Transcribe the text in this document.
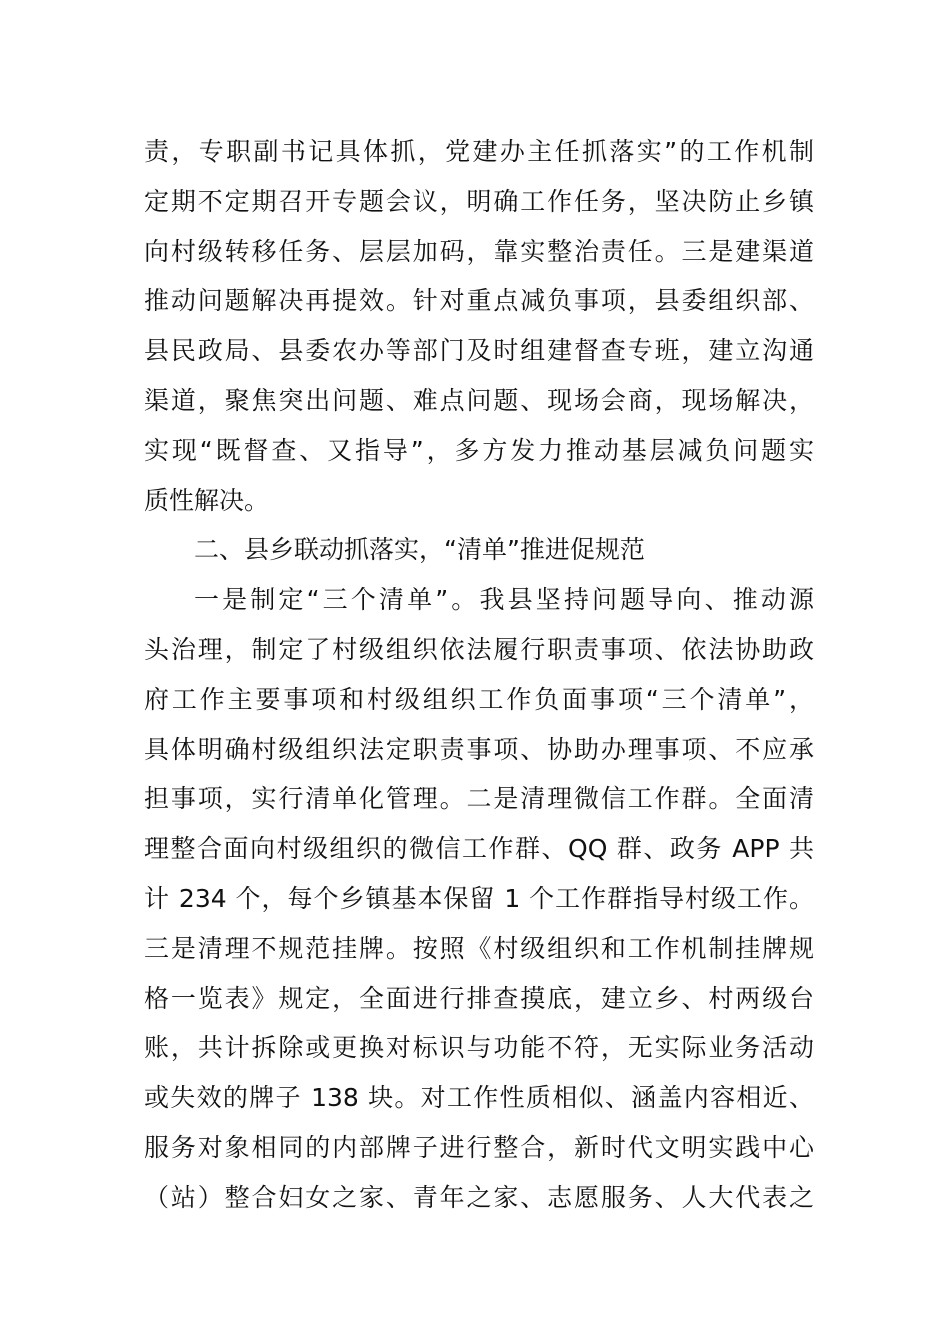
责，专职副书记具体抓，党建办主任抓落实”的工作机制
定期不定期召开专题会议，明确工作任务，坚决防止乡镇
向村级转移任务、层层加码，靠实整治责任。三是建渠道
推动问题解决再提效。针对重点减负事项，县委组织部、
县民政局、县委农办等部门及时组建督查专班，建立沟通
渠道，聚焦突出问题、难点问题、现场会商，现场解决，
实现“既督查、又指导”，多方发力推动基层减负问题实
质性解决。
二、县乡联动抓落实，“清单”推进促规范
一是制定“三个清单”。我县坚持问题导向、推动源
头治理，制定了村级组织依法履行职责事项、依法协助政
府工作主要事项和村级组织工作负面事项“三个清单”，
具体明确村级组织法定职责事项、协助办理事项、不应承
担事项，实行清单化管理。二是清理微信工作群。全面清
理整合面向村级组织的微信工作群、QQ 群、政务 APP 共
计 234 个，每个乡镇基本保留 1 个工作群指导村级工作。
三是清理不规范挂牌。按照《村级组织和工作机制挂牌规
格一览表》规定，全面进行排查摸底，建立乡、村两级台
账，共计拆除或更换对标识与功能不符，无实际业务活动
或失效的牌子 138 块。对工作性质相似、涵盖内容相近、
服务对象相同的内部牌子进行整合，新时代文明实践中心
（站）整合妇女之家、青年之家、志愿服务、人大代表之
